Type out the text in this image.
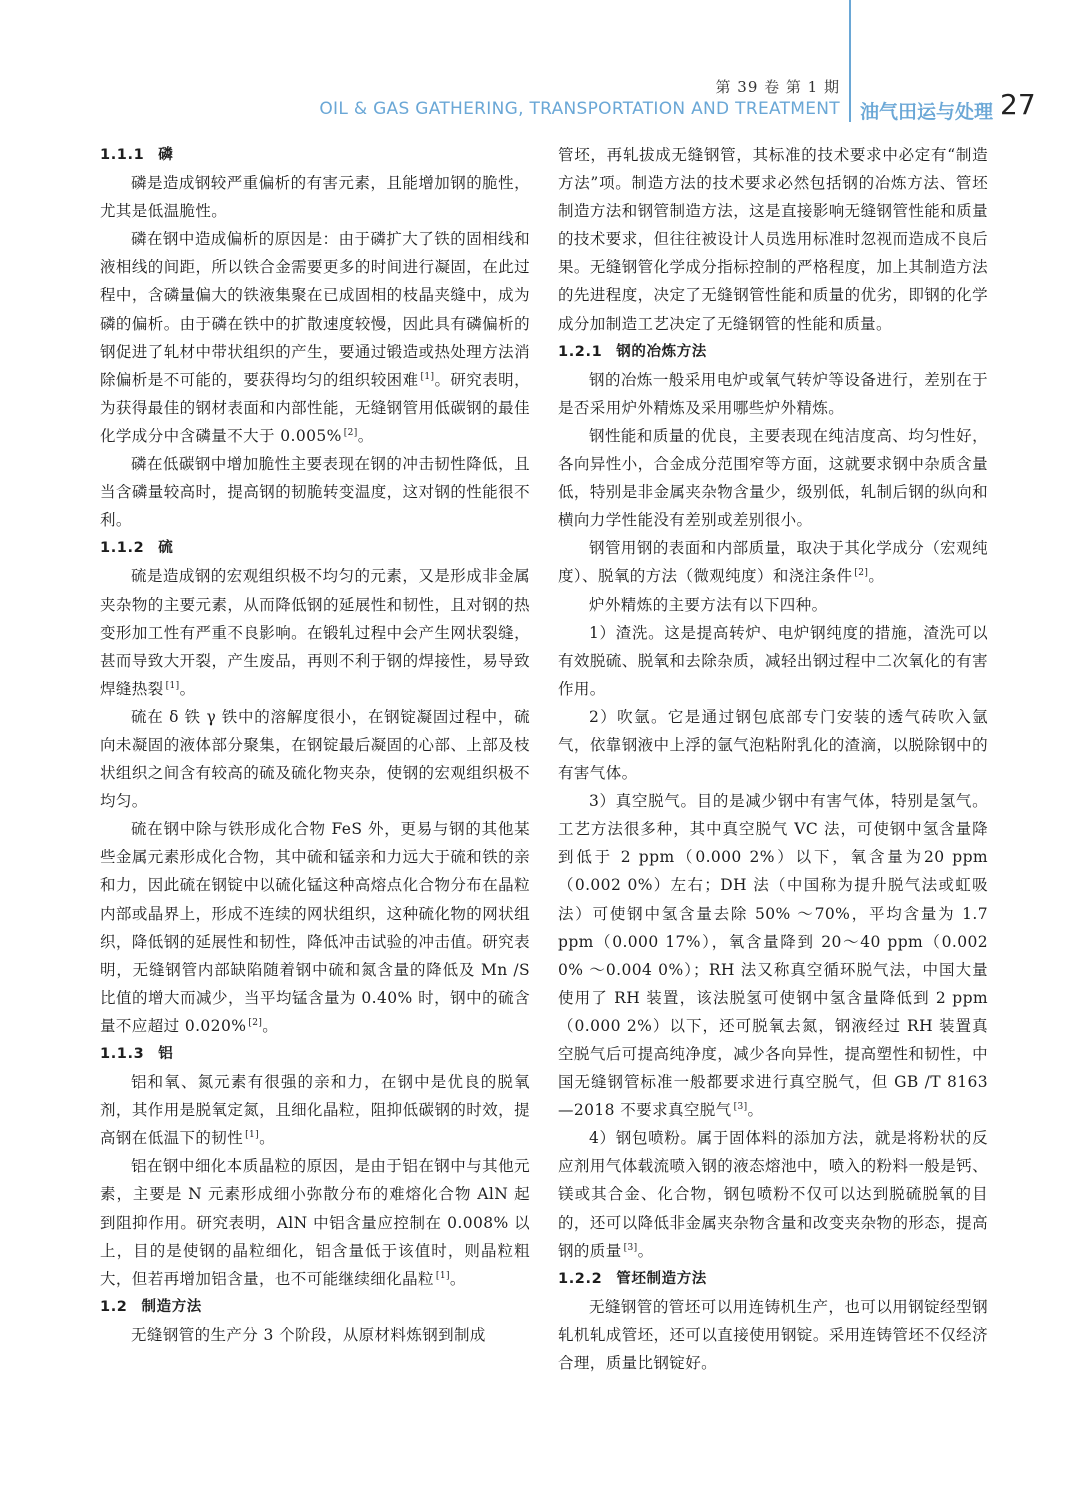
第 39 卷 第 1 期
OIL & GAS GATHERING, TRANSPORTATION AND TREATMENT 油气田运与处理 27
1.1.1 磷

磷是造成钢较严重偏析的有害元素，且能增加钢的脆性，尤其是低温脆性。

磷在钢中造成偏析的原因是：由于磷扩大了铁的固相线和液相线的间距，所以铁合金需要更多的时间进行凝固，在此过程中，含磷量偏大的铁液集聚在已成固相的枝晶夹缝中，成为磷的偏析。由于磷在铁中的扩散速度较慢，因此具有磷偏析的钢促进了轧材中带状组织的产生，要通过锻造或热处理方法消除偏析是不可能的，要获得均匀的组织较困难 [1]。研究表明，为获得最佳的钢材表面和内部性能，无缝钢管用低碳钢的最佳化学成分中含磷量不大于 0.005% [2]。

磷在低碳钢中增加脆性主要表现在钢的冲击韧性降低，且当含磷量较高时，提高钢的韧脆转变温度，这对钢的性能很不利。

1.1.2 硫

硫是造成钢的宏观组织极不均匀的元素，又是形成非金属夹杂物的主要元素，从而降低钢的延展性和韧性，且对钢的热变形加工性有严重不良影响。在锻轧过程中会产生网状裂缝，甚而导致大开裂，产生废品，再则不利于钢的焊接性，易导致焊缝热裂 [1]。

硫在 δ 铁 γ 铁中的溶解度很小，在钢锭凝固过程中，硫向未凝固的液体部分聚集，在钢锭最后凝固的心部、上部及枝状组织之间含有较高的硫及硫化物夹杂，使钢的宏观组织极不均匀。

硫在钢中除与铁形成化合物 FeS 外，更易与钢的其他某些金属元素形成化合物，其中硫和锰亲和力远大于硫和铁的亲和力，因此硫在钢锭中以硫化锰这种高熔点化合物分布在晶粒内部或晶界上，形成不连续的网状组织，这种硫化物的网状组织，降低钢的延展性和韧性，降低冲击试验的冲击值。研究表明，无缝钢管内部缺陷随着钢中硫和氮含量的降低及 Mn /S 比值的增大而减少，当平均锰含量为 0.40% 时，钢中的硫含量不应超过 0.020% [2]。

1.1.3 铝

铝和氧、氮元素有很强的亲和力，在钢中是优良的脱氧剂，其作用是脱氧定氮，且细化晶粒，阻抑低碳钢的时效，提高钢在低温下的韧性 [1]。

铝在钢中细化本质晶粒的原因，是由于铝在钢中与其他元素，主要是 N 元素形成细小弥散分布的难熔化合物 AlN 起到阻抑作用。研究表明，AlN 中铝含量应控制在 0.008% 以上，目的是使钢的晶粒细化，铝含量低于该值时，则晶粒粗大，但若再增加铝含量，也不可能继续细化晶粒 [1]。

1.2 制造方法

无缝钢管的生产分 3 个阶段，从原材料炼钢到制成

管坯，再轧拔成无缝钢管，其标准的技术要求中必定有“制造方法”项。制造方法的技术要求必然包括钢的冶炼方法、管坯制造方法和钢管制造方法，这是直接影响无缝钢管性能和质量的技术要求，但往往被设计人员选用标准时忽视而造成不良后果。无缝钢管化学成分指标控制的严格程度，加上其制造方法的先进程度，决定了无缝钢管性能和质量的优劣，即钢的化学成分加制造工艺决定了无缝钢管的性能和质量。

1.2.1 钢的冶炼方法

钢的冶炼一般采用电炉或氧气转炉等设备进行，差别在于是否采用炉外精炼及采用哪些炉外精炼。

钢性能和质量的优良，主要表现在纯洁度高、均匀性好，各向异性小，合金成分范围窄等方面，这就要求钢中杂质含量低，特别是非金属夹杂物含量少，级别低，轧制后钢的纵向和横向力学性能没有差别或差别很小。

钢管用钢的表面和内部质量，取决于其化学成分（宏观纯度）、脱氧的方法（微观纯度）和浇注条件 [2]。

炉外精炼的主要方法有以下四种。

1）渣洗。这是提高转炉、电炉钢纯度的措施，渣洗可以有效脱硫、脱氧和去除杂质，减轻出钢过程中二次氧化的有害作用。

2）吹氩。它是通过钢包底部专门安装的透气砖吹入氩气，依靠钢液中上浮的氩气泡粘附乳化的渣滴，以脱除钢中的有害气体。

3）真空脱气。目的是减少钢中有害气体，特别是氢气。工艺方法很多种，其中真空脱气 VC 法，可使钢中氢含量降到低于 2 ppm（0.000 2%）以下，氧含量为20 ppm（0.002 0%）左右；DH 法（中国称为提升脱气法或虹吸法）可使钢中氢含量去除 50% ～70%，平均含量为 1.7 ppm（0.000 17%），氧含量降到 20～40 ppm（0.002 0% ～0.004 0%）；RH 法又称真空循环脱气法，中国大量使用了 RH 装置，该法脱氢可使钢中氢含量降低到 2 ppm（0.000 2%）以下，还可脱氧去氮，钢液经过 RH 装置真空脱气后可提高纯净度，减少各向异性，提高塑性和韧性，中国无缝钢管标准一般都要求进行真空脱气，但 GB /T 8163—2018 不要求真空脱气 [3]。

4）钢包喷粉。属于固体料的添加方法，就是将粉状的反应剂用气体载流喷入钢的液态熔池中，喷入的粉料一般是钙、镁或其合金、化合物，钢包喷粉不仅可以达到脱硫脱氧的目的，还可以降低非金属夹杂物含量和改变夹杂物的形态，提高钢的质量 [3]。

1.2.2 管坯制造方法

无缝钢管的管坯可以用连铸机生产，也可以用钢锭经型钢轧机轧成管坯，还可以直接使用钢锭。采用连铸管坯不仅经济合理，质量比钢锭好。
